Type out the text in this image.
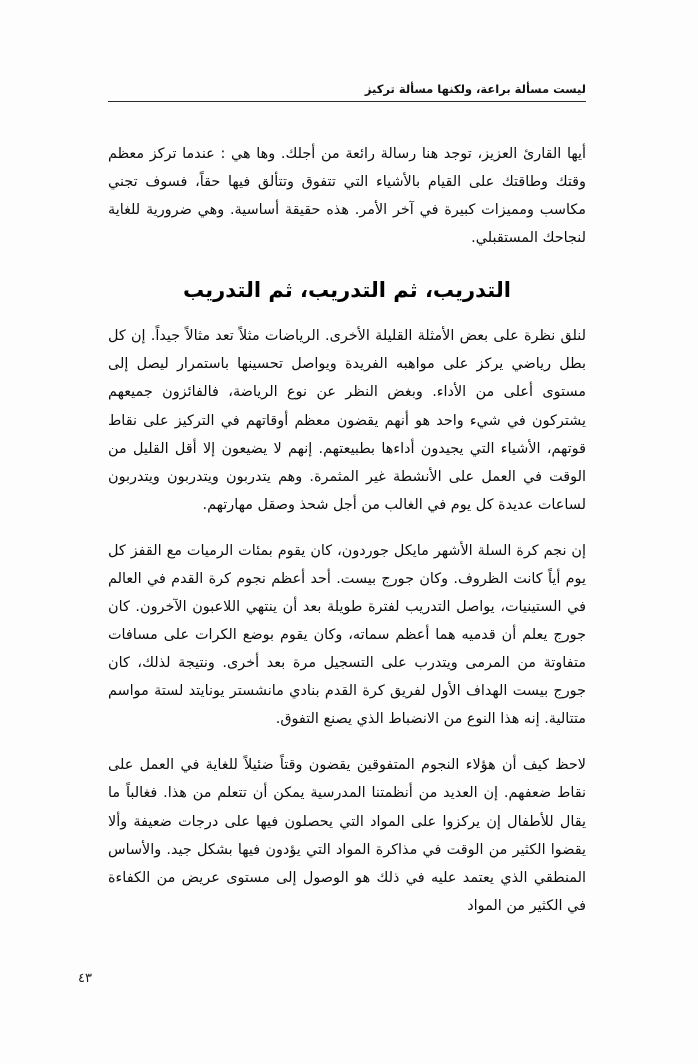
ليست مسألة براعة، ولكنها مسألة تركيز

أيها القارئ العزيز، توجد هنا رسالة رائعة من أجلك. وها هي : عندما تركز معظم وقتك وطاقتك على القيام بالأشياء التي تتفوق وتتألق فيها حقاً، فسوف تجني مكاسب ومميزات كبيرة في آخر الأمر. هذه حقيقة أساسية. وهي ضرورية للغاية لنجاحك المستقبلي.

التدريب، ثم التدريب، ثم التدريب

لنلق نظرة على بعض الأمثلة القليلة الأخرى. الرياضات مثلاً تعد مثالاً جيداً. إن كل بطل رياضي يركز على مواهبه الفريدة ويواصل تحسينها باستمرار ليصل إلى مستوى أعلى من الأداء. وبغض النظر عن نوع الرياضة، فالفائزون جميعهم يشتركون في شيء واحد هو أنهم يقضون معظم أوقاتهم في التركيز على نقاط قوتهم، الأشياء التي يجيدون أداءها بطبيعتهم. إنهم لا يضيعون إلا أقل القليل من الوقت في العمل على الأنشطة غير المثمرة. وهم يتدربون ويتدربون ويتدربون لساعات عديدة كل يوم في الغالب من أجل شحذ وصقل مهارتهم.

إن نجم كرة السلة الأشهر مايكل جوردون، كان يقوم بمئات الرميات مع القفز كل يوم أياً كانت الظروف. وكان جورج بيست. أحد أعظم نجوم كرة القدم في العالم في الستينيات، يواصل التدريب لفترة طويلة بعد أن ينتهي اللاعبون الآخرون. كان جورج يعلم أن قدميه هما أعظم سماته، وكان يقوم بوضع الكرات على مسافات متفاوتة من المرمى ويتدرب على التسجيل مرة بعد أخرى. ونتيجة لذلك، كان جورج بيست الهداف الأول لفريق كرة القدم بنادي مانشستر يونايتد لستة مواسم متتالية. إنه هذا النوع من الانضباط الذي يصنع التفوق.

لاحظ كيف أن هؤلاء النجوم المتفوقين يقضون وقتاً ضئيلاً للغاية في العمل على نقاط ضعفهم. إن العديد من أنظمتنا المدرسية يمكن أن تتعلم من هذا. فغالباً ما يقال للأطفال إن يركزوا على المواد التي يحصلون فيها على درجات ضعيفة وألا يقضوا الكثير من الوقت في مذاكرة المواد التي يؤدون فيها بشكل جيد. والأساس المنطقي الذي يعتمد عليه في ذلك هو الوصول إلى مستوى عريض من الكفاءة في الكثير من المواد

٤٣
